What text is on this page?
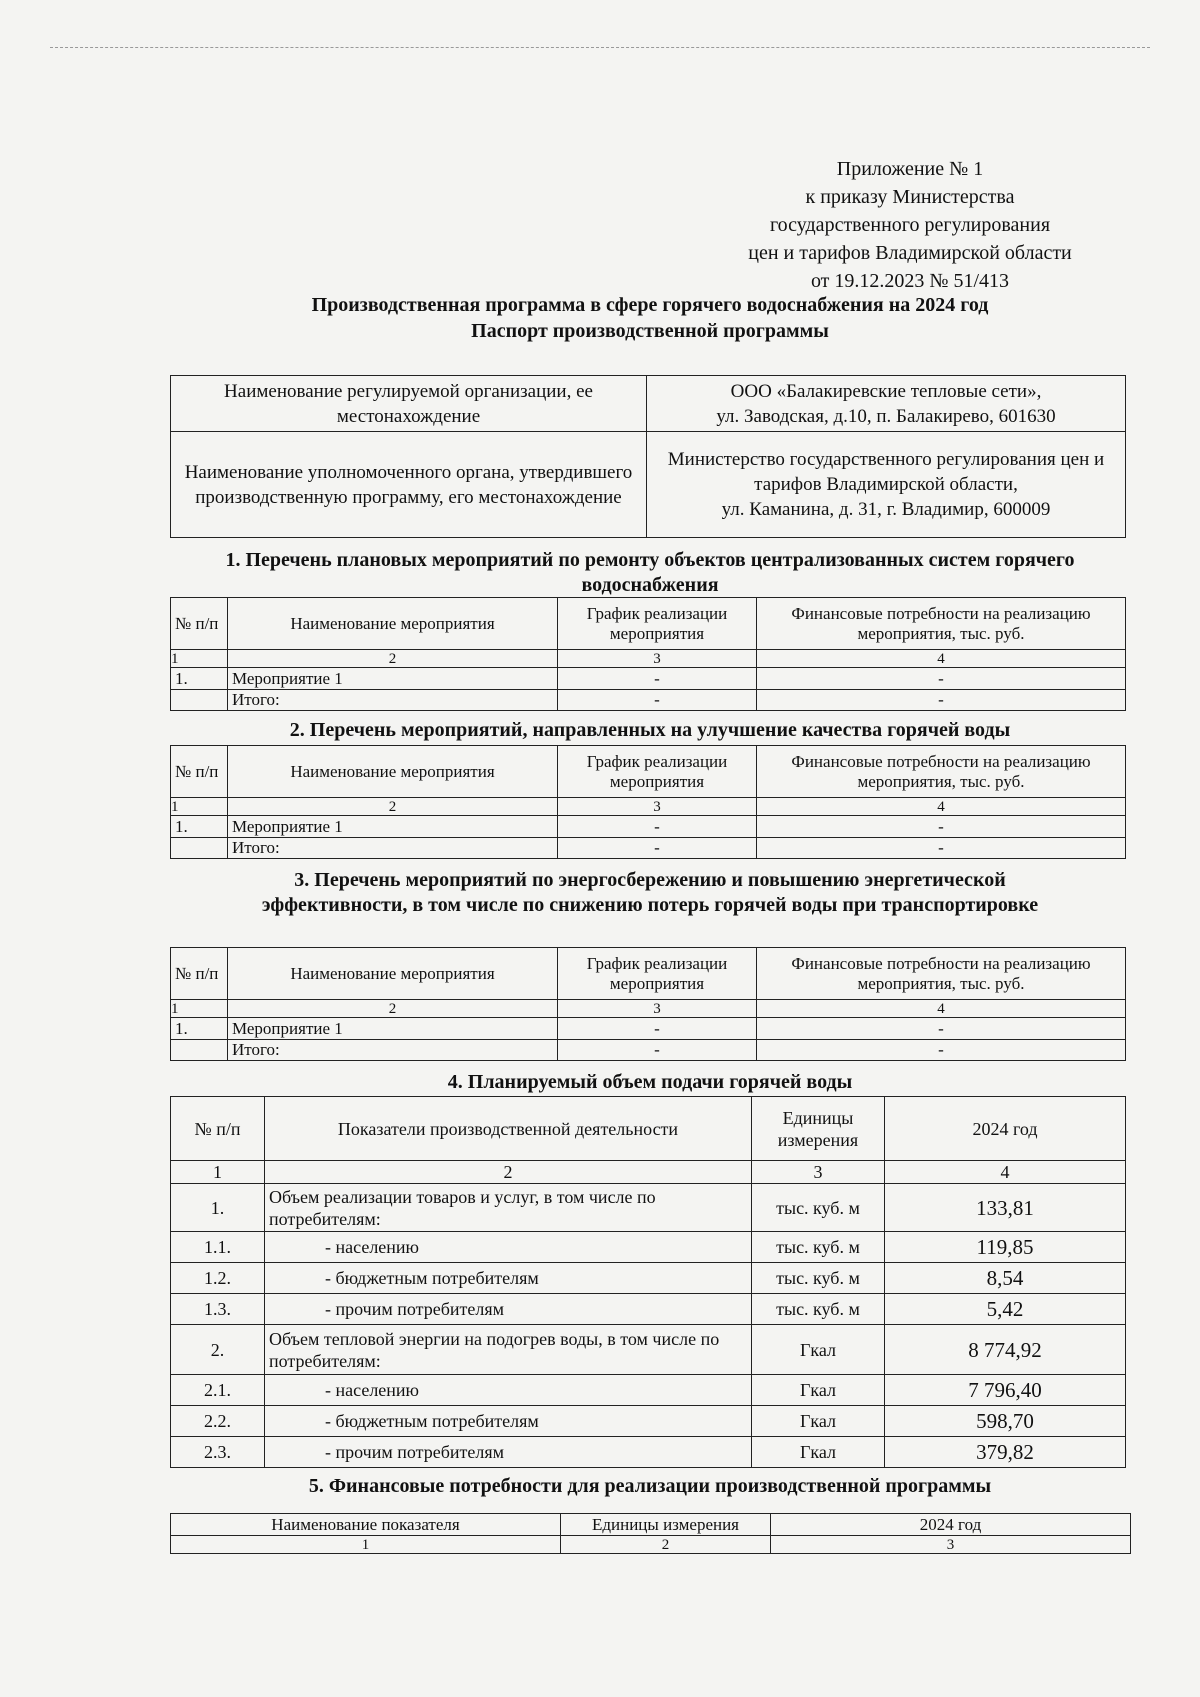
Приложение № 1
к приказу Министерства
государственного регулирования
цен и тарифов Владимирской области
от 19.12.2023 № 51/413
Производственная программа в сфере горячего водоснабжения на 2024 год
Паспорт производственной программы
Наименование регулируемой организации, ее местонахождение	ООО «Балакиревские тепловые сети»,
ул. Заводская, д.10, п. Балакирево, 601630

Наименование уполномоченного органа, утвердившего производственную программу, его местонахождение	Министерство государственного регулирования цен и тарифов Владимирской области,
ул. Каманина, д. 31, г. Владимир, 600009
1. Перечень плановых мероприятий по ремонту объектов централизованных систем горячего водоснабжения
№ п/п	Наименование мероприятия	График реализации мероприятия	Финансовые потребности на реализацию мероприятия, тыс. руб.
1	2	3	4
1.	Мероприятие 1	-	-
	Итого:	-	-
2. Перечень мероприятий, направленных на улучшение качества горячей воды
№ п/п	Наименование мероприятия	График реализации мероприятия	Финансовые потребности на реализацию мероприятия, тыс. руб.
1	2	3	4
1.	Мероприятие 1	-	-
	Итого:	-	-
3. Перечень мероприятий по энергосбережению и повышению энергетической эффективности, в том числе по снижению потерь горячей воды при транспортировке
№ п/п	Наименование мероприятия	График реализации мероприятия	Финансовые потребности на реализацию мероприятия, тыс. руб.
1	2	3	4
1.	Мероприятие 1	-	-
	Итого:	-	-
4. Планируемый объем подачи горячей воды
№ п/п	Показатели производственной деятельности	Единицы измерения	2024 год
1	2	3	4
1.	Объем реализации товаров и услуг, в том числе по потребителям:	тыс. куб. м	133,81
1.1.	- населению	тыс. куб. м	119,85
1.2.	- бюджетным потребителям	тыс. куб. м	8,54
1.3.	- прочим потребителям	тыс. куб. м	5,42
2.	Объем тепловой энергии на подогрев воды, в том числе по потребителям:	Гкал	8 774,92
2.1.	- населению	Гкал	7 796,40
2.2.	- бюджетным потребителям	Гкал	598,70
2.3.	- прочим потребителям	Гкал	379,82
5. Финансовые потребности для реализации производственной программы
Наименование показателя	Единицы измерения	2024 год
1	2	3
